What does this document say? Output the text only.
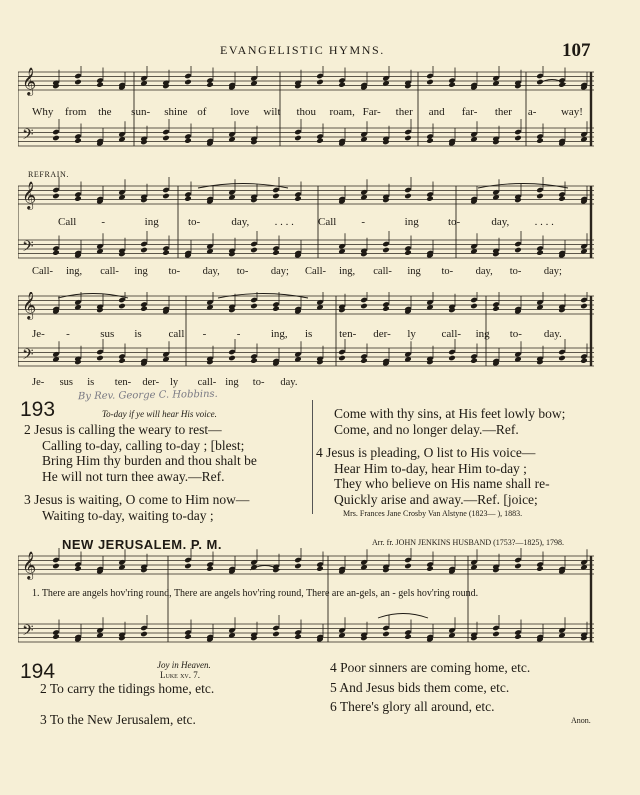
EVANGELISTIC HYMNS.	107
𝄞
𝄢
Why from the sun- shine of love wilt thou roam, Far- ther and far- ther a- way!
REFRAIN.
𝄞
𝄢
Call -	ing	to-	day, . . . . Call -	ing	to-	day, . . . .
Call- ing, call- ing to- day, to- day; Call- ing, call- ing to- day, to- day;
𝄞
𝄢
Je- -	sus is call -	-	ing, is ten- der- ly call- ing to- day.
Je- sus is ten- der- ly call- ing to- day.
By Rev. George C. Hobbins.
193	To-day if ye will hear His voice.
2 Jesus is calling the weary to rest—
Calling to-day, calling to-day ; [blest;
Bring Him thy burden and thou shalt be
He will not turn thee away.—Ref.
3 Jesus is waiting, O come to Him now—
Waiting to-day, waiting to-day ;
Come with thy sins, at His feet lowly bow;
Come, and no longer delay.—Ref.
4 Jesus is pleading, O list to His voice—
Hear Him to-day, hear Him to-day ;
They who believe on His name shall re-
Quickly arise and away.—Ref. [joice;
Mrs. Frances Jane Crosby Van Alstyne (1823— ), 1883.
NEW JERUSALEM. P. M.	Arr. fr. JOHN JENKINS HUSBAND (1753?—1825), 1798.
𝄞
𝄢
1. There are angels hov'ring round, There are angels hov'ring round, There are an-gels, an - gels hov'ring round.
194	Joy in Heaven.
Luke xv. 7.
2 To carry the tidings home, etc.
3 To the New Jerusalem, etc.
4 Poor sinners are coming home, etc.
5 And Jesus bids them come, etc.
6 There's glory all around, etc.
Anon.
